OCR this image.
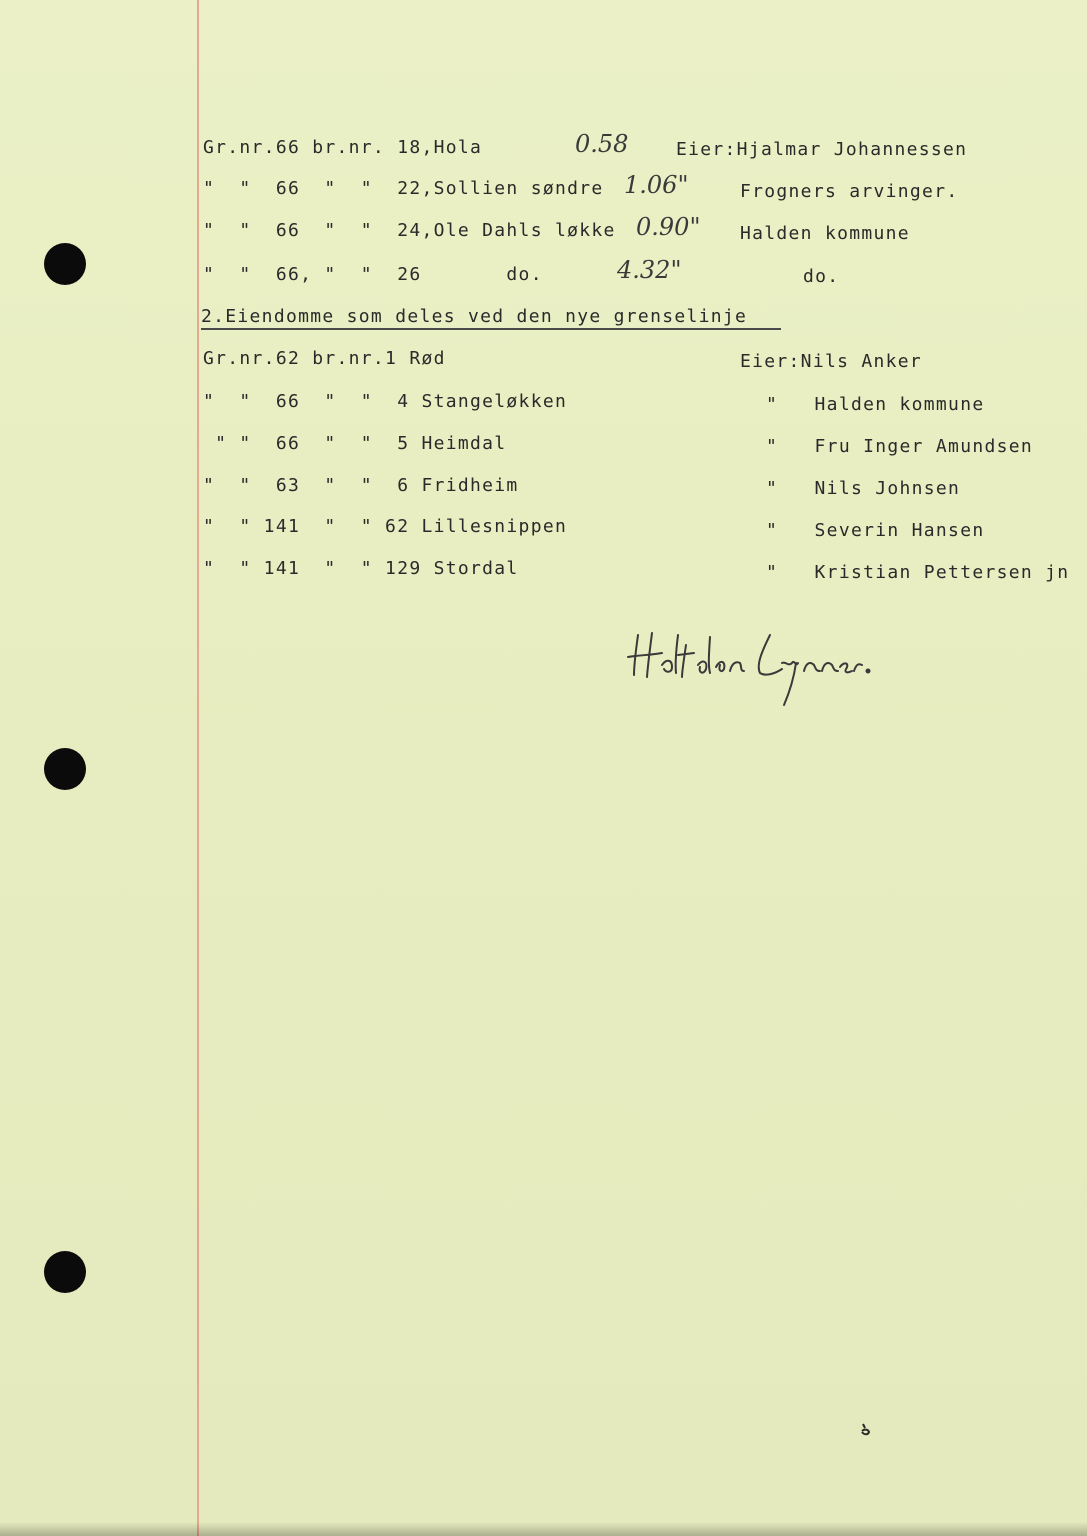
Gr.nr.66 br.nr. 18,Hola	0.58	Eier:Hjalmar Johannessen
"  "  66  "  "  22,Sollien søndre 1.06"	Frogners arvinger.
"  "  66  "  "  24,Ole Dahls løkke 0.90" Halden kommune
"  "  66, "  "  26       do.	4.32"	do.
2.Eiendomme som deles ved den nye grenselinje
Gr.nr.62 br.nr.1 Rød	Eier:Nils Anker
"  "  66  "  "  4 Stangeløkken	"   Halden kommune
" "  66  "  "  5 Heimdal	"   Fru Inger Amundsen
"  "  63  "  "  6 Fridheim	"   Nils Johnsen
"  " 141  "  " 62 Lillesnippen	"   Severin Hansen
"  " 141  "  " 129 Stordal	"   Kristian Pettersen jn
